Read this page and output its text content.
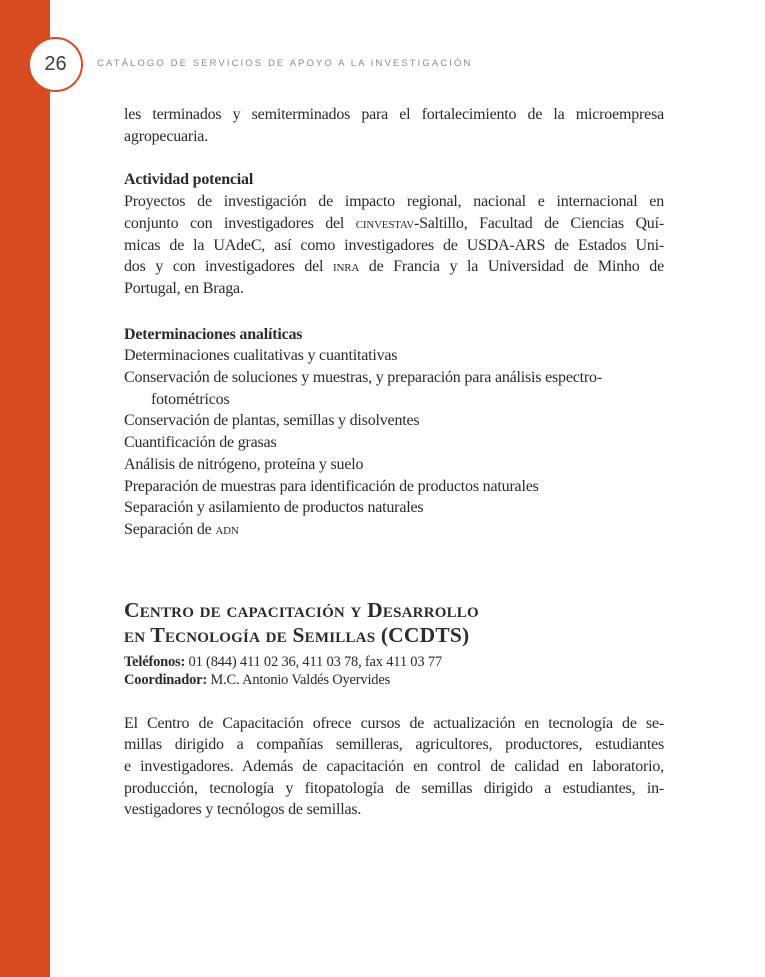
26	CATÁLOGO DE SERVICIOS DE APOYO A LA INVESTIGACIÓN
les terminados y semiterminados para el fortalecimiento de la microempresa
agropecuaria.
Actividad potencial
Proyectos de investigación de impacto regional, nacional e internacional en
conjunto con investigadores del cinvestav-Saltillo, Facultad de Ciencias Quí-
micas de la UAdeC, así como investigadores de USDA-ARS de Estados Uni-
dos y con investigadores del inra de Francia y la Universidad de Minho de
Portugal, en Braga.
Determinaciones analíticas
Determinaciones cualitativas y cuantitativas
Conservación de soluciones y muestras, y preparación para análisis espectro-
fotométricos
Conservación de plantas, semillas y disolventes
Cuantificación de grasas
Análisis de nitrógeno, proteína y suelo
Preparación de muestras para identificación de productos naturales
Separación y asilamiento de productos naturales
Separación de adn
Centro de capacitación y Desarrollo
en Tecnología de Semillas (CCDTS)
Teléfonos: 01 (844) 411 02 36, 411 03 78, fax 411 03 77
Coordinador: M.C. Antonio Valdés Oyervides
El Centro de Capacitación ofrece cursos de actualización en tecnología de se-
millas dirigido a compañías semilleras, agricultores, productores, estudiantes
e investigadores. Además de capacitación en control de calidad en laboratorio,
producción, tecnología y fitopatología de semillas dirigido a estudiantes, in-
vestigadores y tecnólogos de semillas.
